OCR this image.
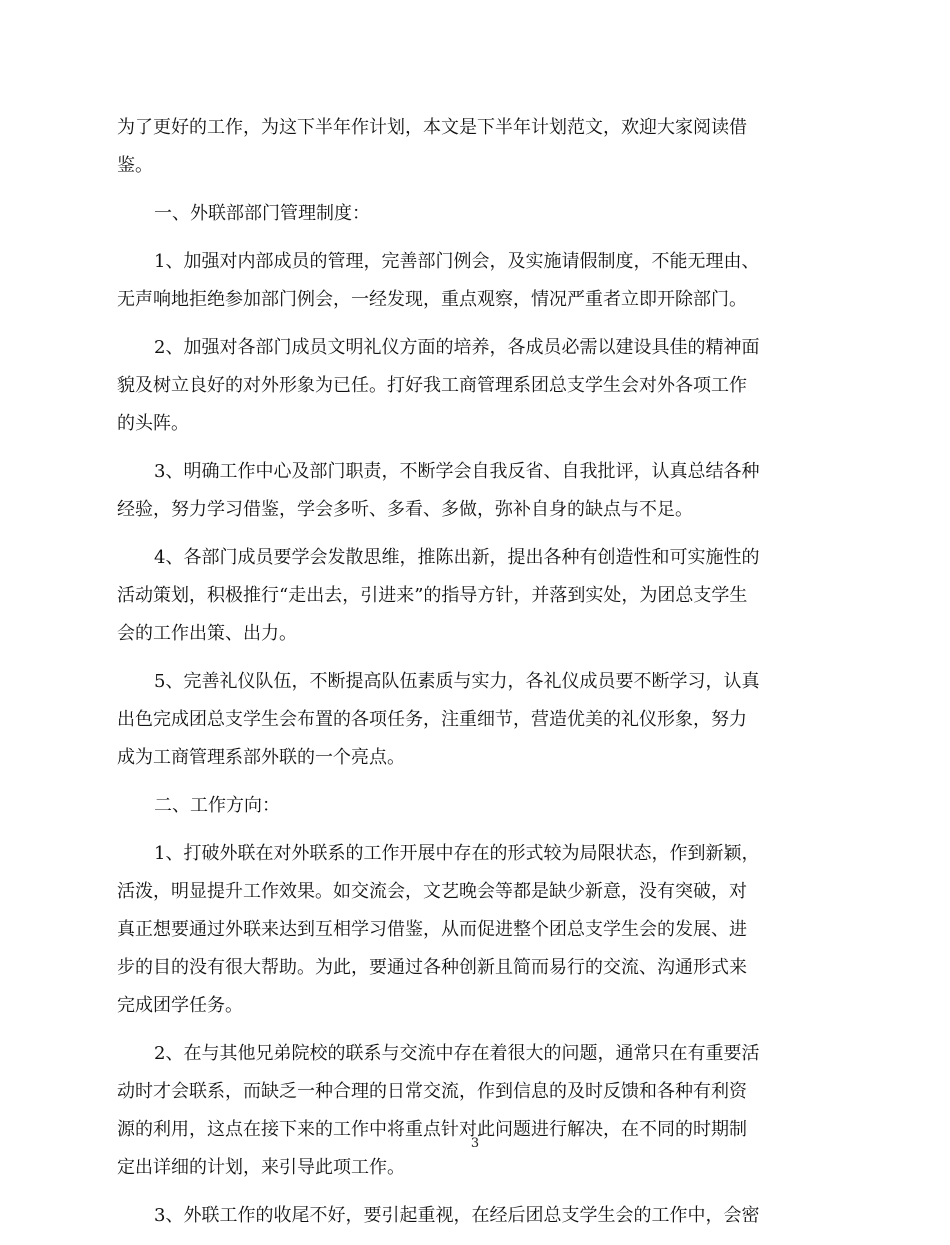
为了更好的工作，为这下半年作计划，本文是下半年计划范文，欢迎大家阅读借
鉴。

一、外联部部门管理制度：

1、加强对内部成员的管理，完善部门例会，及实施请假制度，不能无理由、
无声响地拒绝参加部门例会，一经发现，重点观察，情况严重者立即开除部门。

2、加强对各部门成员文明礼仪方面的培养，各成员必需以建设具佳的精神面
貌及树立良好的对外形象为已任。打好我工商管理系团总支学生会对外各项工作
的头阵。

3、明确工作中心及部门职责，不断学会自我反省、自我批评，认真总结各种
经验，努力学习借鉴，学会多听、多看、多做，弥补自身的缺点与不足。

4、各部门成员要学会发散思维，推陈出新，提出各种有创造性和可实施性的
活动策划，积极推行“走出去，引进来”的指导方针，并落到实处，为团总支学生
会的工作出策、出力。

5、完善礼仪队伍，不断提高队伍素质与实力，各礼仪成员要不断学习，认真
出色完成团总支学生会布置的各项任务，注重细节，营造优美的礼仪形象，努力
成为工商管理系部外联的一个亮点。

二、工作方向：

1、打破外联在对外联系的工作开展中存在的形式较为局限状态，作到新颖，
活泼，明显提升工作效果。如交流会，文艺晚会等都是缺少新意，没有突破，对
真正想要通过外联来达到互相学习借鉴，从而促进整个团总支学生会的发展、进
步的目的没有很大帮助。为此，要通过各种创新且简而易行的交流、沟通形式来
完成团学任务。

2、在与其他兄弟院校的联系与交流中存在着很大的问题，通常只在有重要活
动时才会联系，而缺乏一种合理的日常交流，作到信息的及时反馈和各种有利资
源的利用，这点在接下来的工作中将重点针对此问题进行解决，在不同的时期制
定出详细的计划，来引导此项工作。

3、外联工作的收尾不好，要引起重视，在经后团总支学生会的工作中，会密

3
